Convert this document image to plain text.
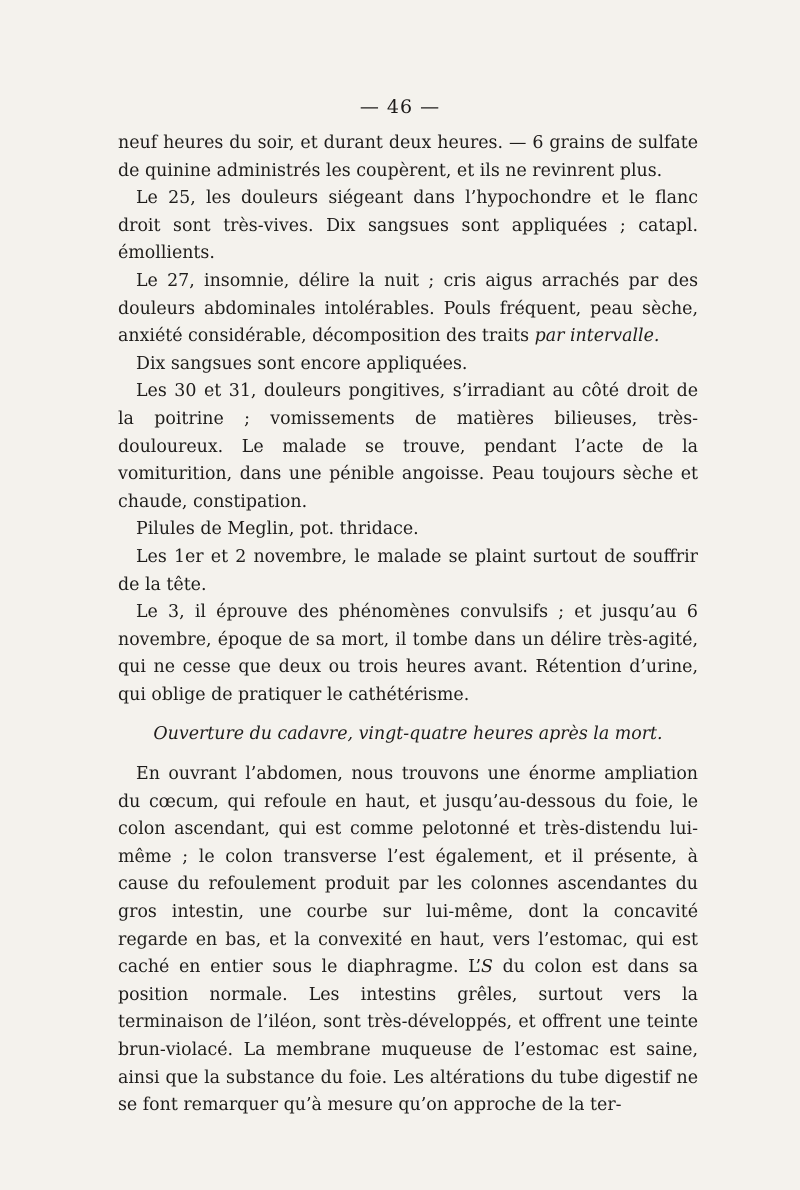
— 46 —

neuf heures du soir, et durant deux heures. — 6 grains de sulfate de quinine administrés les coupèrent, et ils ne revinrent plus.

Le 25, les douleurs siégeant dans l’hypochondre et le flanc droit sont très-vives. Dix sangsues sont appliquées ; catapl. émollients.

Le 27, insomnie, délire la nuit ; cris aigus arrachés par des douleurs abdominales intolérables. Pouls fréquent, peau sèche, anxiété considérable, décomposition des traits par intervalle.

Dix sangsues sont encore appliquées.

Les 30 et 31, douleurs pongitives, s’irradiant au côté droit de la poitrine ; vomissements de matières bilieuses, très-douloureux. Le malade se trouve, pendant l’acte de la vomiturition, dans une pénible angoisse. Peau toujours sèche et chaude, constipation.

Pilules de Meglin, pot. thridace.

Les 1er et 2 novembre, le malade se plaint surtout de souffrir de la tête.

Le 3, il éprouve des phénomènes convulsifs ; et jusqu’au 6 novembre, époque de sa mort, il tombe dans un délire très-agité, qui ne cesse que deux ou trois heures avant. Rétention d’urine, qui oblige de pratiquer le cathétérisme.

Ouverture du cadavre, vingt-quatre heures après la mort.

En ouvrant l’abdomen, nous trouvons une énorme ampliation du cœcum, qui refoule en haut, et jusqu’au-dessous du foie, le colon ascendant, qui est comme pelotonné et très-distendu lui-même ; le colon transverse l’est également, et il présente, à cause du refoulement produit par les colonnes ascendantes du gros intestin, une courbe sur lui-même, dont la concavité regarde en bas, et la convexité en haut, vers l’estomac, qui est caché en entier sous le diaphragme. L’S du colon est dans sa position normale. Les intestins grêles, surtout vers la terminaison de l’iléon, sont très-développés, et offrent une teinte brun-violacé. La membrane muqueuse de l’estomac est saine, ainsi que la substance du foie. Les altérations du tube digestif ne se font remarquer qu’à mesure qu’on approche de la ter-
